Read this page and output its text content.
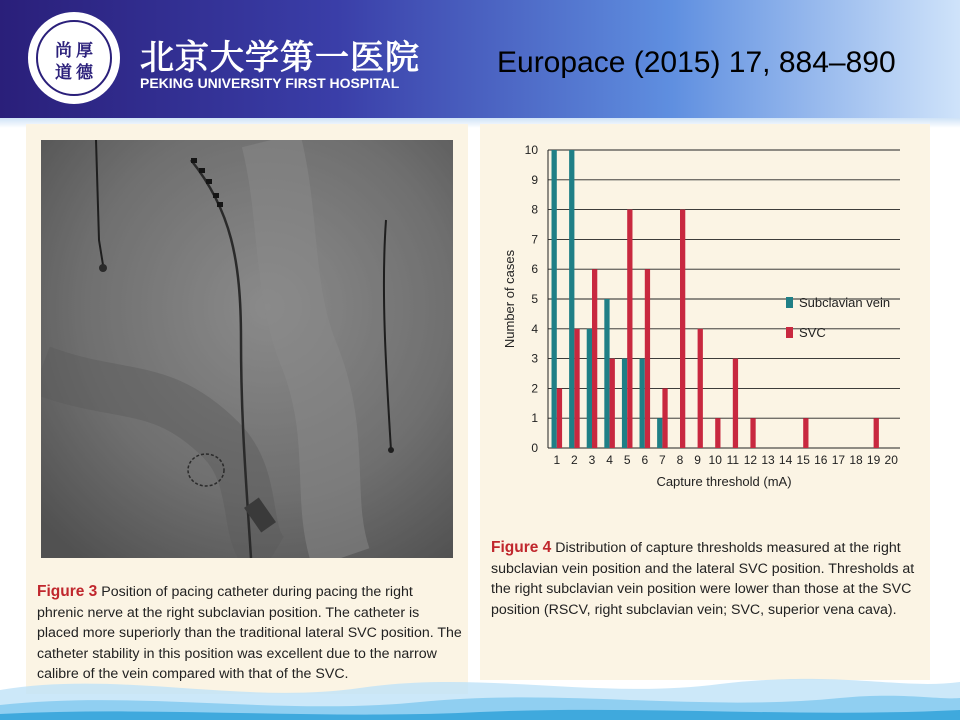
尚 厚
道 德 北京大学第一医院
PEKING UNIVERSITY FIRST HOSPITAL
Europace (2015) 17, 884–890
Figure 3 Position of pacing catheter during pacing the right phrenic nerve at the right subclavian position. The catheter is placed more superiorly than the traditional lateral SVC position. The catheter stability in this position was excellent due to the narrow calibre of the vein compared with that of the SVC.
0
1
2
3
4
5
6
7
8
9
10
1 2 3 4 5 6 7 8 9 10 11 12 13 14 15 16 17 18 19 20
Capture threshold (mA)
Number of cases	Subclavian vein
SVC
Figure 4 Distribution of capture thresholds measured at the right subclavian vein position and the lateral SVC position. Thresholds at the right subclavian vein position were lower than those at the SVC position (RSCV, right subclavian vein; SVC, superior vena cava).
